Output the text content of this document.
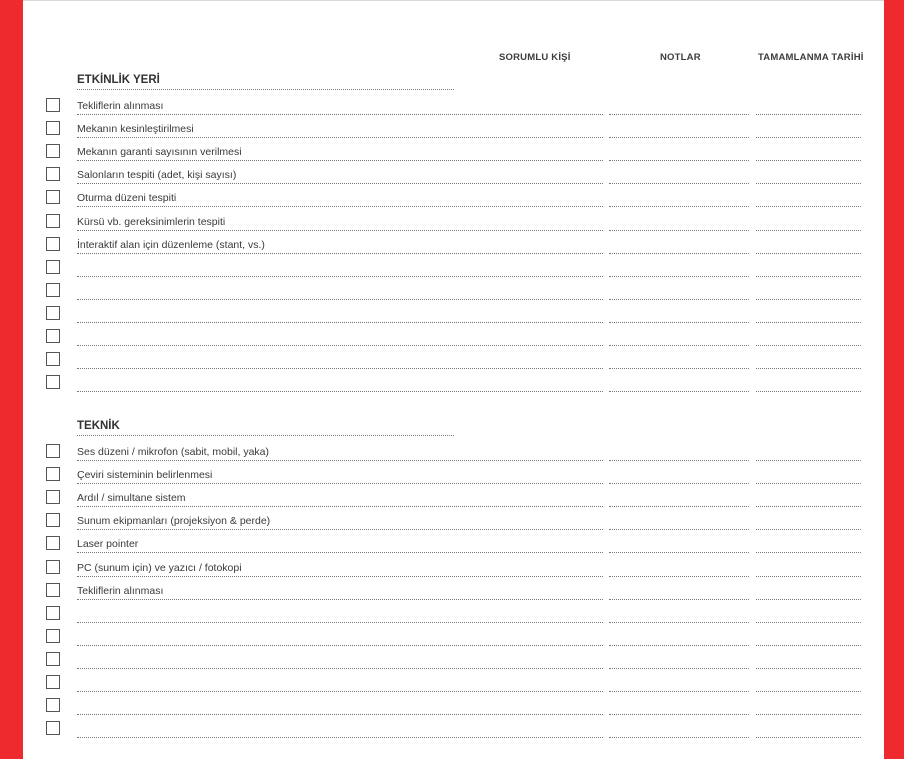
SORUMLU KİŞİ	NOTLAR	TAMAMLANMA TARİHİ
ETKİNLİK YERİ
Tekliflerin alınması
Mekanın kesinleştirilmesi
Mekanın garanti sayısının verilmesi
Salonların tespiti (adet, kişi sayısı)
Oturma düzeni tespiti
Kürsü vb. gereksinimlerin tespiti
İnteraktif alan için düzenleme (stant, vs.)
TEKNİK
Ses düzeni / mikrofon (sabit, mobil, yaka)
Çeviri sisteminin belirlenmesi
Ardıl / simultane sistem
Sunum ekipmanları (projeksiyon & perde)
Laser pointer
PC (sunum için) ve yazıcı / fotokopi
Tekliflerin alınması
